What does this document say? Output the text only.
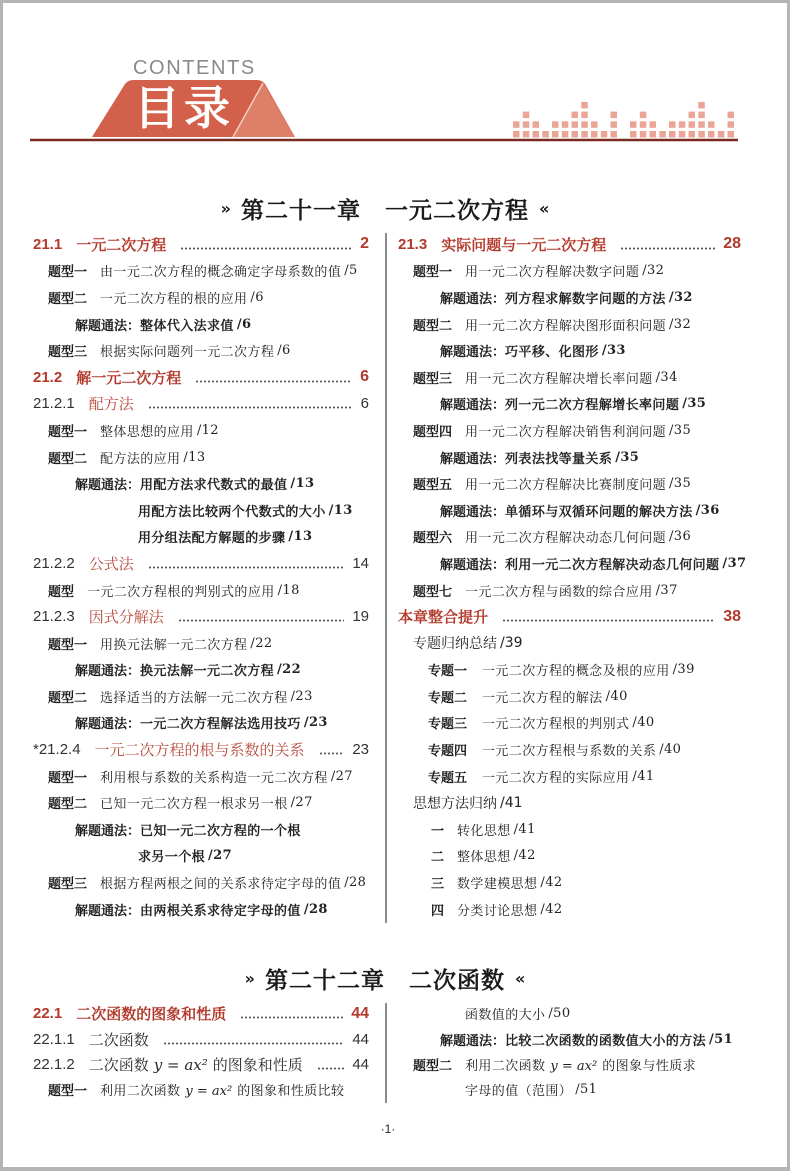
CONTENTS
目录
» 第二十一章 一元二次方程 «
21.1 一元二次方程	2
题型一 由一元二次方程的概念确定字母系数的值 /5
题型二 一元二次方程的根的应用 /6
解题通法： 整体代入法求值 /6
题型三 根据实际问题列一元二次方程 /6
21.2 解一元二次方程	6
21.2.1 配方法	6
题型一 整体思想的应用 /12
题型二 配方法的应用 /13
解题通法： 用配方法求代数式的最值 /13
用配方法比较两个代数式的大小 /13
用分组法配方解题的步骤 /13
21.2.2 公式法	14
题型 一元二次方程根的判别式的应用 /18
21.2.3 因式分解法	19
题型一 用换元法解一元二次方程 /22
解题通法： 换元法解一元二次方程 /22
题型二 选择适当的方法解一元二次方程 /23
解题通法： 一元二次方程解法选用技巧 /23
*21.2.4 一元二次方程的根与系数的关系	23
题型一 利用根与系数的关系构造一元二次方程 /27
题型二 已知一元二次方程一根求另一根 /27
解题通法： 已知一元二次方程的一个根
求另一个根 /27
题型三 根据方程两根之间的关系求待定字母的值 /28
解题通法： 由两根关系求待定字母的值 /28
21.3 实际问题与一元二次方程	28
题型一 用一元二次方程解决数字问题 /32
解题通法： 列方程求解数字问题的方法 /32
题型二 用一元二次方程解决图形面积问题 /32
解题通法： 巧平移、化图形 /33
题型三 用一元二次方程解决增长率问题 /34
解题通法： 列一元二次方程解增长率问题 /35
题型四 用一元二次方程解决销售利润问题 /35
解题通法： 列表法找等量关系 /35
题型五 用一元二次方程解决比赛制度问题 /35
解题通法： 单循环与双循环问题的解决方法 /36
题型六 用一元二次方程解决动态几何问题 /36
解题通法： 利用一元二次方程解决动态几何问题 /37
题型七 一元二次方程与函数的综合应用 /37
本章整合提升	38
专题归纳总结 /39
专题一 一元二次方程的概念及根的应用 /39
专题二 一元二次方程的解法 /40
专题三 一元二次方程根的判别式 /40
专题四 一元二次方程根与系数的关系 /40
专题五 一元二次方程的实际应用 /41
思想方法归纳 /41
一 转化思想 /41
二 整体思想 /42
三 数学建模思想 /42
四 分类讨论思想 /42
» 第二十二章 二次函数 «
22.1 二次函数的图象和性质	44
22.1.1 二次函数	44
22.1.2 二次函数 y = ax² 的图象和性质	44
题型一 利用二次函数 y = ax² 的图象和性质比较
函数值的大小 /50
解题通法： 比较二次函数的函数值大小的方法 /51
题型二 利用二次函数 y = ax² 的图象与性质求
字母的值（范围） /51
·1·
